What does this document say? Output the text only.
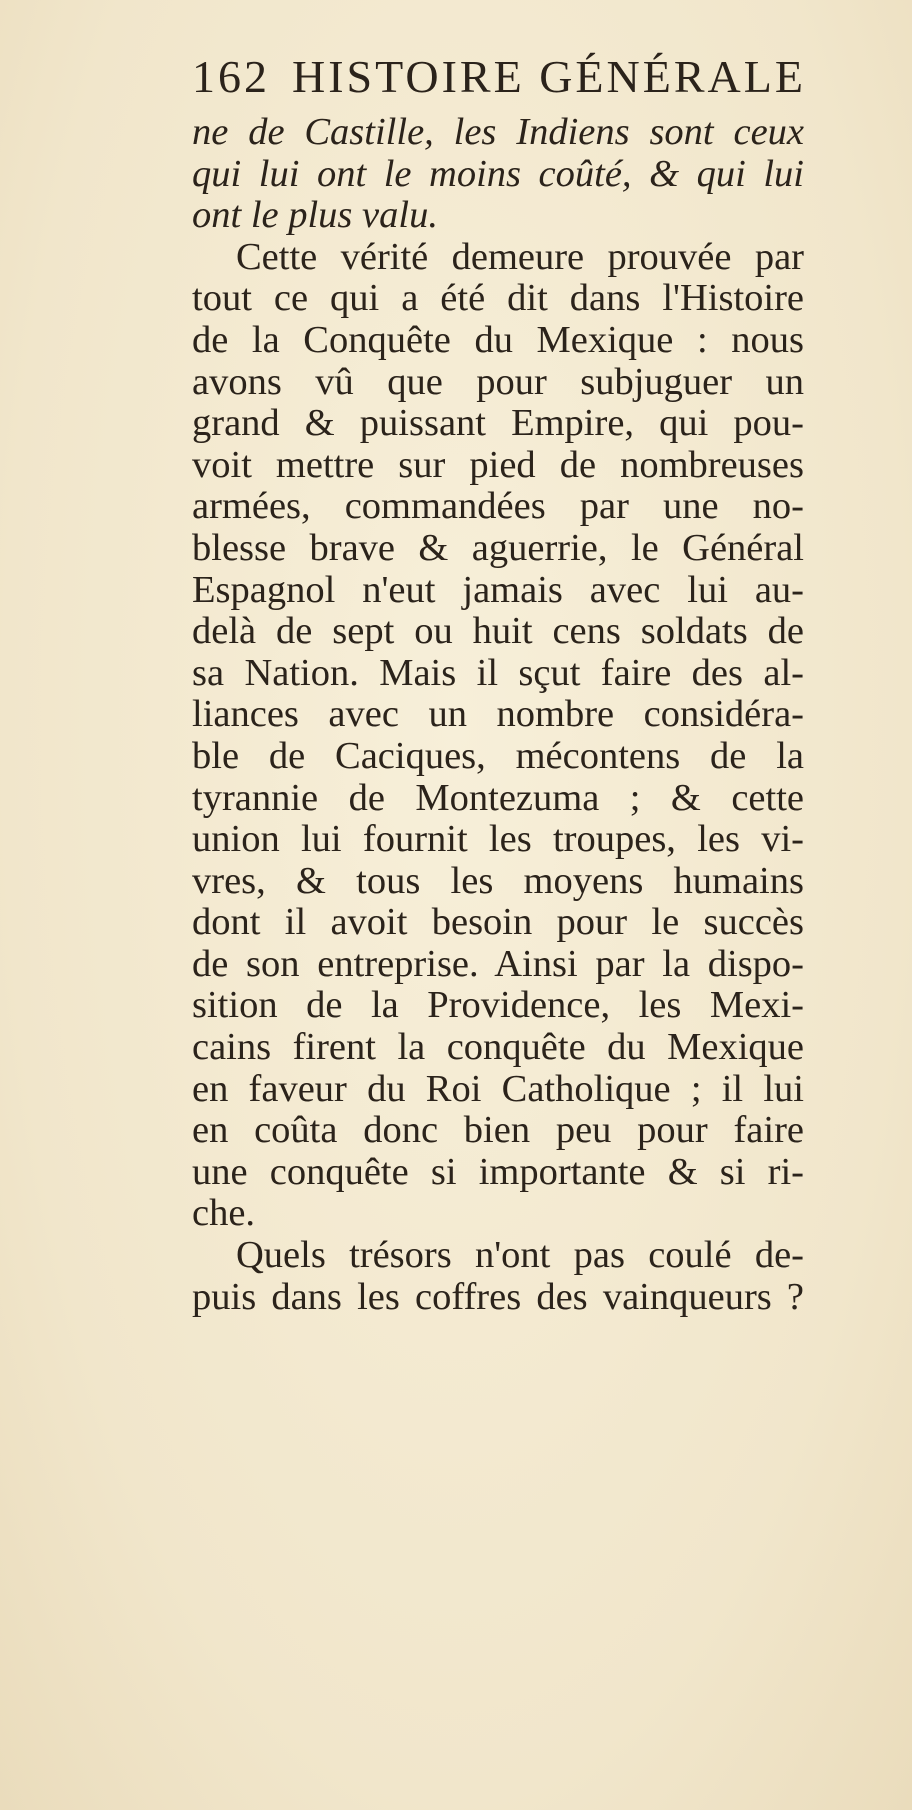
162 HISTOIRE GÉNÉRALE
ne de Castille, les Indiens sont ceux
qui lui ont le moins coûté, & qui lui
ont le plus valu.
Cette vérité demeure prouvée par
tout ce qui a été dit dans l'Histoire
de la Conquête du Mexique : nous
avons vû que pour subjuguer un
grand & puissant Empire, qui pou-
voit mettre sur pied de nombreuses
armées, commandées par une no-
blesse brave & aguerrie, le Général
Espagnol n'eut jamais avec lui au-
delà de sept ou huit cens soldats de
sa Nation. Mais il sçut faire des al-
liances avec un nombre considéra-
ble de Caciques, mécontens de la
tyrannie de Montezuma ; & cette
union lui fournit les troupes, les vi-
vres, & tous les moyens humains
dont il avoit besoin pour le succès
de son entreprise. Ainsi par la dispo-
sition de la Providence, les Mexi-
cains firent la conquête du Mexique
en faveur du Roi Catholique ; il lui
en coûta donc bien peu pour faire
une conquête si importante & si ri-
che.
Quels trésors n'ont pas coulé de-
puis dans les coffres des vainqueurs ?
